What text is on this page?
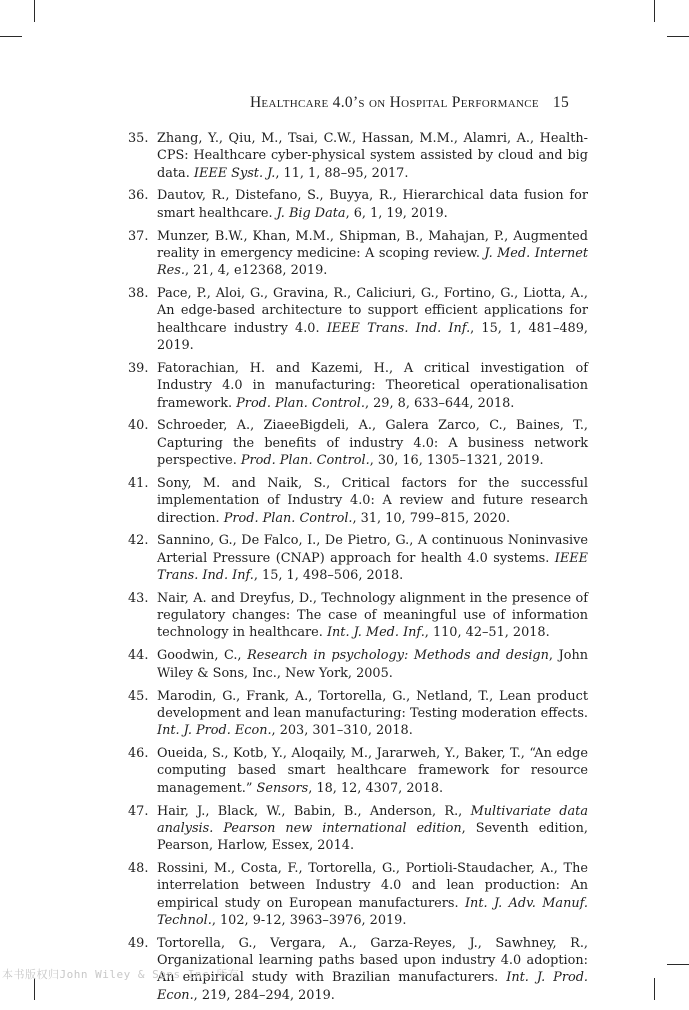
Healthcare 4.0’s on Hospital Performance 15
35. Zhang, Y., Qiu, M., Tsai, C.W., Hassan, M.M., Alamri, A., Health-CPS: Healthcare cyber-physical system assisted by cloud and big data. IEEE Syst. J., 11, 1, 88–95, 2017.
36. Dautov, R., Distefano, S., Buyya, R., Hierarchical data fusion for smart healthcare. J. Big Data, 6, 1, 19, 2019.
37. Munzer, B.W., Khan, M.M., Shipman, B., Mahajan, P., Augmented reality in emergency medicine: A scoping review. J. Med. Internet Res., 21, 4, e12368, 2019.
38. Pace, P., Aloi, G., Gravina, R., Caliciuri, G., Fortino, G., Liotta, A., An edge-based architecture to support efficient applications for healthcare industry 4.0. IEEE Trans. Ind. Inf., 15, 1, 481–489, 2019.
39. Fatorachian, H. and Kazemi, H., A critical investigation of Industry 4.0 in manufacturing: Theoretical operationalisation framework. Prod. Plan. Control., 29, 8, 633–644, 2018.
40. Schroeder, A., ZiaeeBigdeli, A., Galera Zarco, C., Baines, T., Capturing the benefits of industry 4.0: A business network perspective. Prod. Plan. Control., 30, 16, 1305–1321, 2019.
41. Sony, M. and Naik, S., Critical factors for the successful implementation of Industry 4.0: A review and future research direction. Prod. Plan. Control., 31, 10, 799–815, 2020.
42. Sannino, G., De Falco, I., De Pietro, G., A continuous Noninvasive Arterial Pressure (CNAP) approach for health 4.0 systems. IEEE Trans. Ind. Inf., 15, 1, 498–506, 2018.
43. Nair, A. and Dreyfus, D., Technology alignment in the presence of regulatory changes: The case of meaningful use of information technology in healthcare. Int. J. Med. Inf., 110, 42–51, 2018.
44. Goodwin, C., Research in psychology: Methods and design, John Wiley & Sons, Inc., New York, 2005.
45. Marodin, G., Frank, A., Tortorella, G., Netland, T., Lean product development and lean manufacturing: Testing moderation effects. Int. J. Prod. Econ., 203, 301–310, 2018.
46. Oueida, S., Kotb, Y., Aloqaily, M., Jararweh, Y., Baker, T., “An edge computing based smart healthcare framework for resource management.” Sensors, 18, 12, 4307, 2018.
47. Hair, J., Black, W., Babin, B., Anderson, R., Multivariate data analysis. Pearson new international edition, Seventh edition, Pearson, Harlow, Essex, 2014.
48. Rossini, M., Costa, F., Tortorella, G., Portioli-Staudacher, A., The interrelation between Industry 4.0 and lean production: An empirical study on European manufacturers. Int. J. Adv. Manuf. Technol., 102, 9-12, 3963–3976, 2019.
49. Tortorella, G., Vergara, A., Garza-Reyes, J., Sawhney, R., Organizational learning paths based upon industry 4.0 adoption: An empirical study with Brazilian manufacturers. Int. J. Prod. Econ., 219, 284–294, 2019.
本书版权归John Wiley & Sons Inc.所有
